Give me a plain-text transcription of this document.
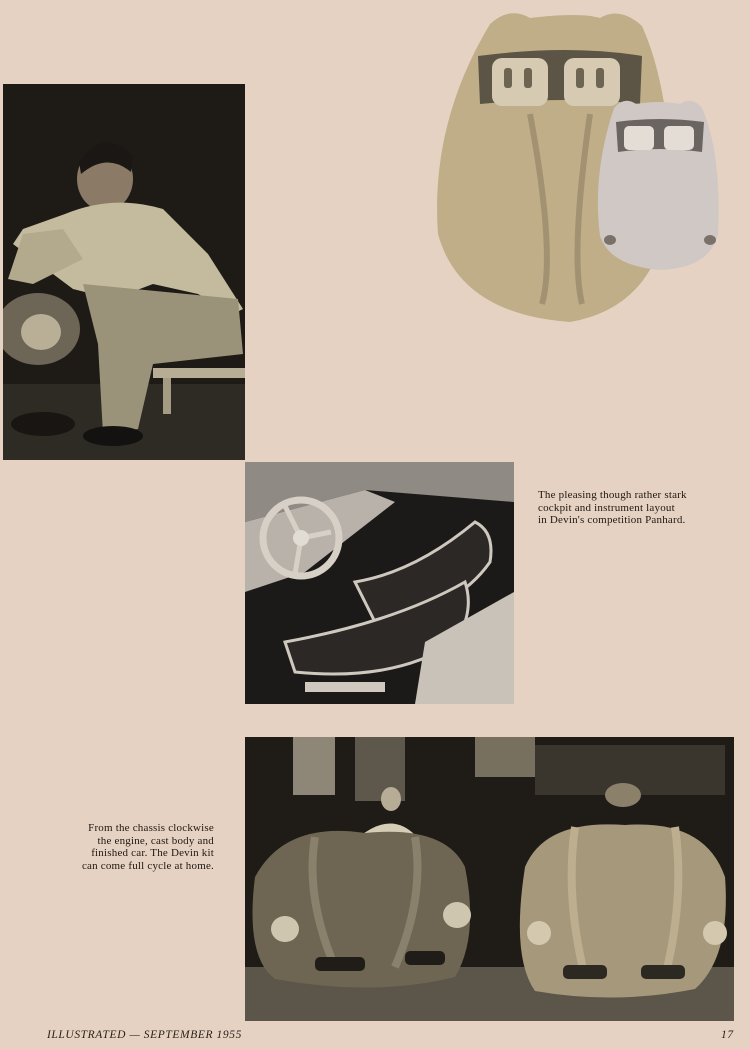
The pleasing though rather stark
cockpit and instrument layout
in Devin's competition Panhard.
From the chassis clockwise
the engine, cast body and
finished car. The Devin kit
can come full cycle at home.
ILLUSTRATED — SEPTEMBER 1955	17
